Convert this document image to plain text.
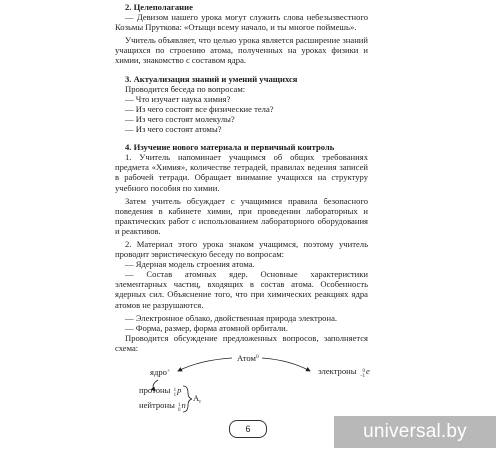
2. Целеполагание

— Девизом нашего урока могут служить слова небезызвестного Козьмы Пруткова: «Отыщи всему начало, и ты многое поймешь».

Учитель объявляет, что целью урока является расширение знаний учащихся по строению атома, полученных на уроках физики и химии, знакомство с составом ядра.

3. Актуализация знаний и умений учащихся

Проводится беседа по вопросам:

— Что изучает наука химия?

— Из чего состоят все физические тела?

— Из чего состоят молекулы?

— Из чего состоят атомы?

4. Изучение нового материала и первичный контроль

1. Учитель напоминает учащимся об общих требованиях предмета «Химия», количестве тетрадей, правилах ведения записей в рабочей тетради. Обращает внимание учащихся на структуру учебного пособия по химии.

Затем учитель обсуждает с учащимися правила безопасного поведения в кабинете химии, при проведении лабораторных и практических работ с использованием лабораторного оборудования и реактивов.

2. Материал этого урока знаком учащимся, поэтому учитель проводит эвристическую беседу по вопросам:

— Ядерная модель строения атома.

— Состав атомных ядер. Основные характеристики элементарных частиц, входящих в состав атома. Особенность ядерных сил. Объяснение того, что при химических реакциях ядра атомов не разрушаются.

— Электронное облако, двойственная природа электрона.

— Форма, размер, форма атомной орбитали.

Проводится обсуждение предложенных вопросов, заполняется схема:

Атом$^0$
ядро+	электроны 0
−1e
протоны 1
1p
нейтроны 1
0n
$A_r$
6	universal.by
